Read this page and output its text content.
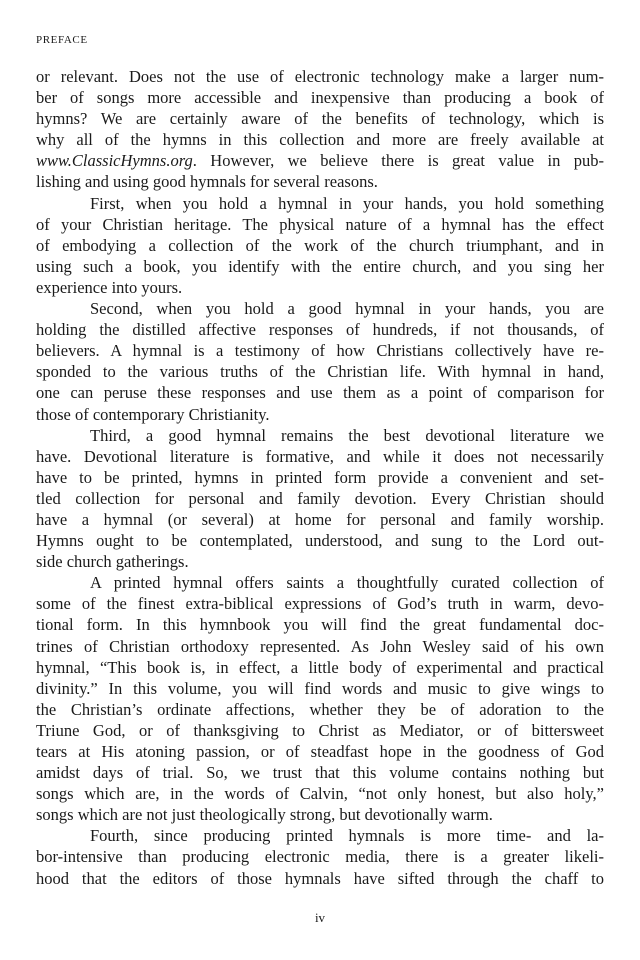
PREFACE
or relevant. Does not the use of electronic technology make a larger num-
ber of songs more accessible and inexpensive than producing a book of
hymns? We are certainly aware of the benefits of technology, which is
why all of the hymns in this collection and more are freely available at
www.ClassicHymns.org. However, we believe there is great value in pub-
lishing and using good hymnals for several reasons.
First, when you hold a hymnal in your hands, you hold something
of your Christian heritage. The physical nature of a hymnal has the effect
of embodying a collection of the work of the church triumphant, and in
using such a book, you identify with the entire church, and you sing her
experience into yours.
Second, when you hold a good hymnal in your hands, you are
holding the distilled affective responses of hundreds, if not thousands, of
believers. A hymnal is a testimony of how Christians collectively have re-
sponded to the various truths of the Christian life. With hymnal in hand,
one can peruse these responses and use them as a point of comparison for
those of contemporary Christianity.
Third, a good hymnal remains the best devotional literature we
have. Devotional literature is formative, and while it does not necessarily
have to be printed, hymns in printed form provide a convenient and set-
tled collection for personal and family devotion. Every Christian should
have a hymnal (or several) at home for personal and family worship.
Hymns ought to be contemplated, understood, and sung to the Lord out-
side church gatherings.
A printed hymnal offers saints a thoughtfully curated collection of
some of the finest extra-biblical expressions of God’s truth in warm, devo-
tional form. In this hymnbook you will find the great fundamental doc-
trines of Christian orthodoxy represented. As John Wesley said of his own
hymnal, “This book is, in effect, a little body of experimental and practical
divinity.” In this volume, you will find words and music to give wings to
the Christian’s ordinate affections, whether they be of adoration to the
Triune God, or of thanksgiving to Christ as Mediator, or of bittersweet
tears at His atoning passion, or of steadfast hope in the goodness of God
amidst days of trial. So, we trust that this volume contains nothing but
songs which are, in the words of Calvin, “not only honest, but also holy,”
songs which are not just theologically strong, but devotionally warm.
Fourth, since producing printed hymnals is more time- and la-
bor-intensive than producing electronic media, there is a greater likeli-
hood that the editors of those hymnals have sifted through the chaff to
iv
